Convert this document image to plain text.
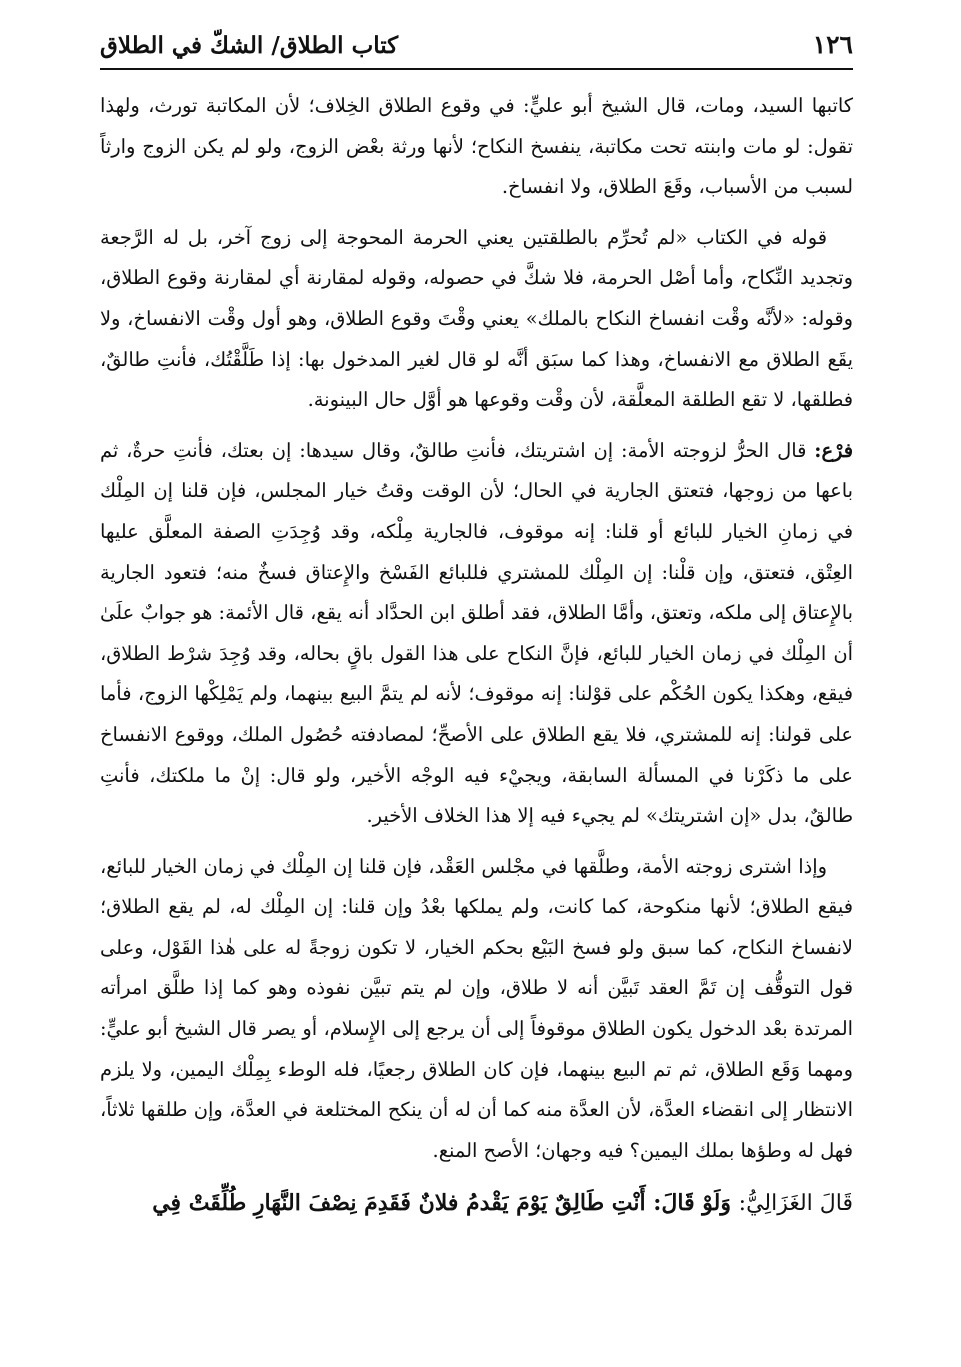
١٢٦
كتاب الطلاق/ الشكّ في الطلاق

كاتبها السيد، ومات، قال الشيخ أبو عليٍّ: في وقوع الطلاق الخِلاف؛ لأن المكاتبة تورث، ولهذا تقول: لو مات وابنته تحت مكاتبة، ينفسخ النكاح؛ لأنها ورثة بعْض الزوج، ولو لم يكن الزوج وارثاً لسبب من الأسباب، وقَعَ الطلاق، ولا انفساخ.

قوله في الكتاب «لم تُحرِّم بالطلقتين يعني الحرمة المحوجة إلى زوج آخر، بل له الرَّجعة وتجديد النِّكاح، وأما أصْل الحرمة، فلا شكَّ في حصوله، وقوله لمقارنة أي لمقارنة وقوع الطلاق، وقوله: «لأنَّه وقْت انفساخ النكاح بالملك» يعني وقْتَ وقوع الطلاق، وهو أول وقْت الانفساخ، ولا يقَع الطلاق مع الانفساخ، وهذا كما سبَق أنَّه لو قال لغير المدخول بها: إذا طَلَّقْتُك، فأنتِ طالقٌ، فطلقها، لا تقع الطلقة المعلَّقة، لأن وقْت وقوعها هو أوَّل حال البينونة.

فرْع: قال الحرُّ لزوجته الأمة: إن اشتريتك، فأنتِ طالقٌ، وقال سيدها: إن بعتك، فأنتِ حرةٌ، ثم باعها من زوجها، فتعتق الجارية في الحال؛ لأن الوقت وقتُ خيار المجلس، فإن قلنا إن المِلْك في زمانِ الخيار للبائع أو قلنا: إنه موقوف، فالجارية مِلْكه، وقد وُجِدَتِ الصفة المعلَّق عليها العِتْق، فتعتق، وإن قلْنا: إن المِلْك للمشتري فللبائع الفَسْخ والإِعتاق فسخٌ منه؛ فتعود الجارية بالإِعتاق إلى ملكه، وتعتق، وأمَّا الطلاق، فقد أطلق ابن الحدَّاد أنه يقع، قال الأئمة: هو جوابٌ علَىٰ أن المِلْك في زمان الخيار للبائع، فإنَّ النكاح على هذا القول باقٍ بحاله، وقد وُجِدَ شرْط الطلاق، فيقع، وهكذا يكون الحُكْم على قوْلنا: إنه موقوف؛ لأنه لم يتمَّ البيع بينهما، ولم يَمْلِكْها الزوج، فأما على قولنا: إنه للمشتري، فلا يقع الطلاق على الأصحِّ؛ لمصادفته حُصُول الملك، ووقوع الانفساخ على ما ذكَرْنا في المسألة السابقة، ويجيْء فيه الوجْه الأخير، ولو قال: إنْ ما ملكتك، فأنتِ طالقٌ، بدل «إن اشتريتك» لم يجيء فيه إلا هذا الخلاف الأخير.

وإذا اشترى زوجته الأمة، وطلَّقها في مجْلس العَقْد، فإن قلنا إن المِلْك في زمان الخيار للبائع، فيقع الطلاق؛ لأنها منكوحة، كما كانت، ولم يملكها بعْدُ وإن قلنا: إن المِلْك له، لم يقع الطلاق؛ لانفساخ النكاح، كما سبق ولو فسخ البَيْع بحكم الخيار، لا تكون زوجةً له على هٰذا القَوْل، وعلى قول التوقُّف إن تَمَّ العقد تَبيَّن أنه لا طلاق، وإن لم يتم تبيَّن نفوذه وهو كما إذا طلَّق امرأته المرتدة بعْد الدخول يكون الطلاق موقوفاً إلى أن يرجع إلى الإِسلام، أو يصر قال الشيخ أبو عليٍّ: ومهما وَقَع الطلاق، ثم تم البيع بينهما، فإن كان الطلاق رجعيًا، فله الوطء بِمِلْك اليمين، ولا يلزم الانتظار إلى انقضاء العدَّة، لأن العدَّة منه كما أن له أن ينكح المختلعة في العدَّة، وإن طلقها ثلاثاً، فهل له وطؤها بملك اليمين؟ فيه وجهان؛ الأصح المنع.

قَالَ الغَزَالِيُّ: وَلَوْ قَالَ: أَنْتِ طَالِقٌ يَوْمَ يَقْدمُ فلانٌ فَقَدِمَ نِصْفَ النَّهَارِ طُلِّقَتْ فِي
